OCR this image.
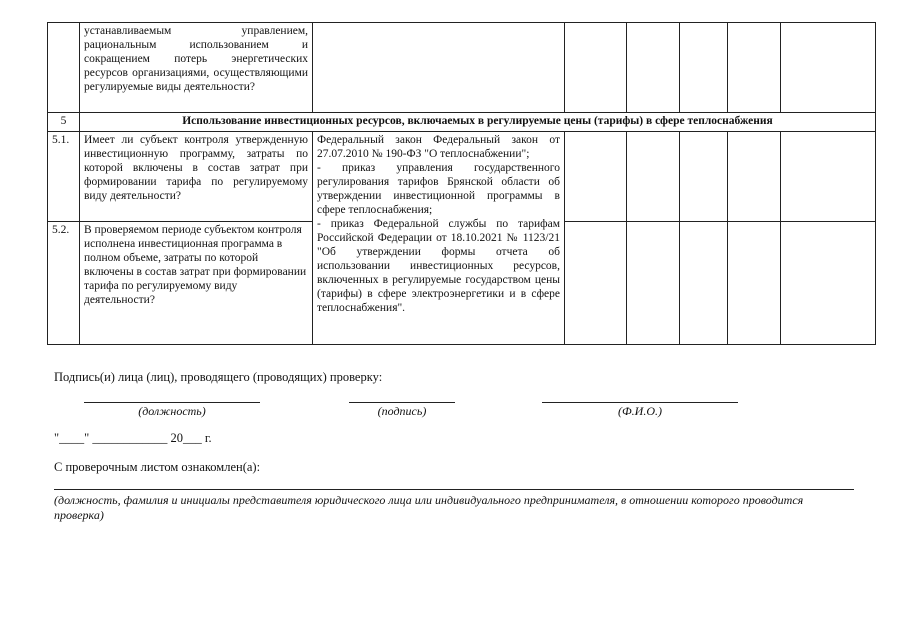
	устанавливаемым управлением, рациональным использованием и сокращением потерь энергетических ресурсов организациями, осуществляющими регулируемые виды деятельности?						
5	Использование инвестиционных ресурсов, включаемых в регулируемые цены (тарифы) в сфере теплоснабжения						
5.1.	Имеет ли субъект контроля утвержденную инвестиционную программу, затраты по которой включены в состав затрат при формировании тарифа по регулируемому виду деятельности?	Федеральный закон Федеральный закон от 27.07.2010 № 190-ФЗ "О теплоснабжении";
- приказ управления государственного регулирования тарифов Брянской области об утверждении инвестиционной программы в сфере теплоснабжения;
- приказ Федеральной службы по тарифам Российской Федерации от 18.10.2021 № 1123/21 "Об утверждении формы отчета об использовании инвестиционных ресурсов, включенных в регулируемые государством цены (тарифы) в сфере электроэнергетики и в сфере теплоснабжения".					
5.2.	В проверяемом периоде субъектом контроля исполнена инвестиционная программа в полном объеме, затраты по которой включены в состав затрат при формировании тарифа по регулируемому виду деятельности?						
Подпись(и) лица (лиц), проводящего (проводящих) проверку:
(должность)	(подпись)	(Ф.И.О.)
"____" ____________ 20___ г.
С проверочным листом ознакомлен(а):
(должность, фамилия и инициалы представителя юридического лица или индивидуального предпринимателя, в отношении которого проводится проверка)
